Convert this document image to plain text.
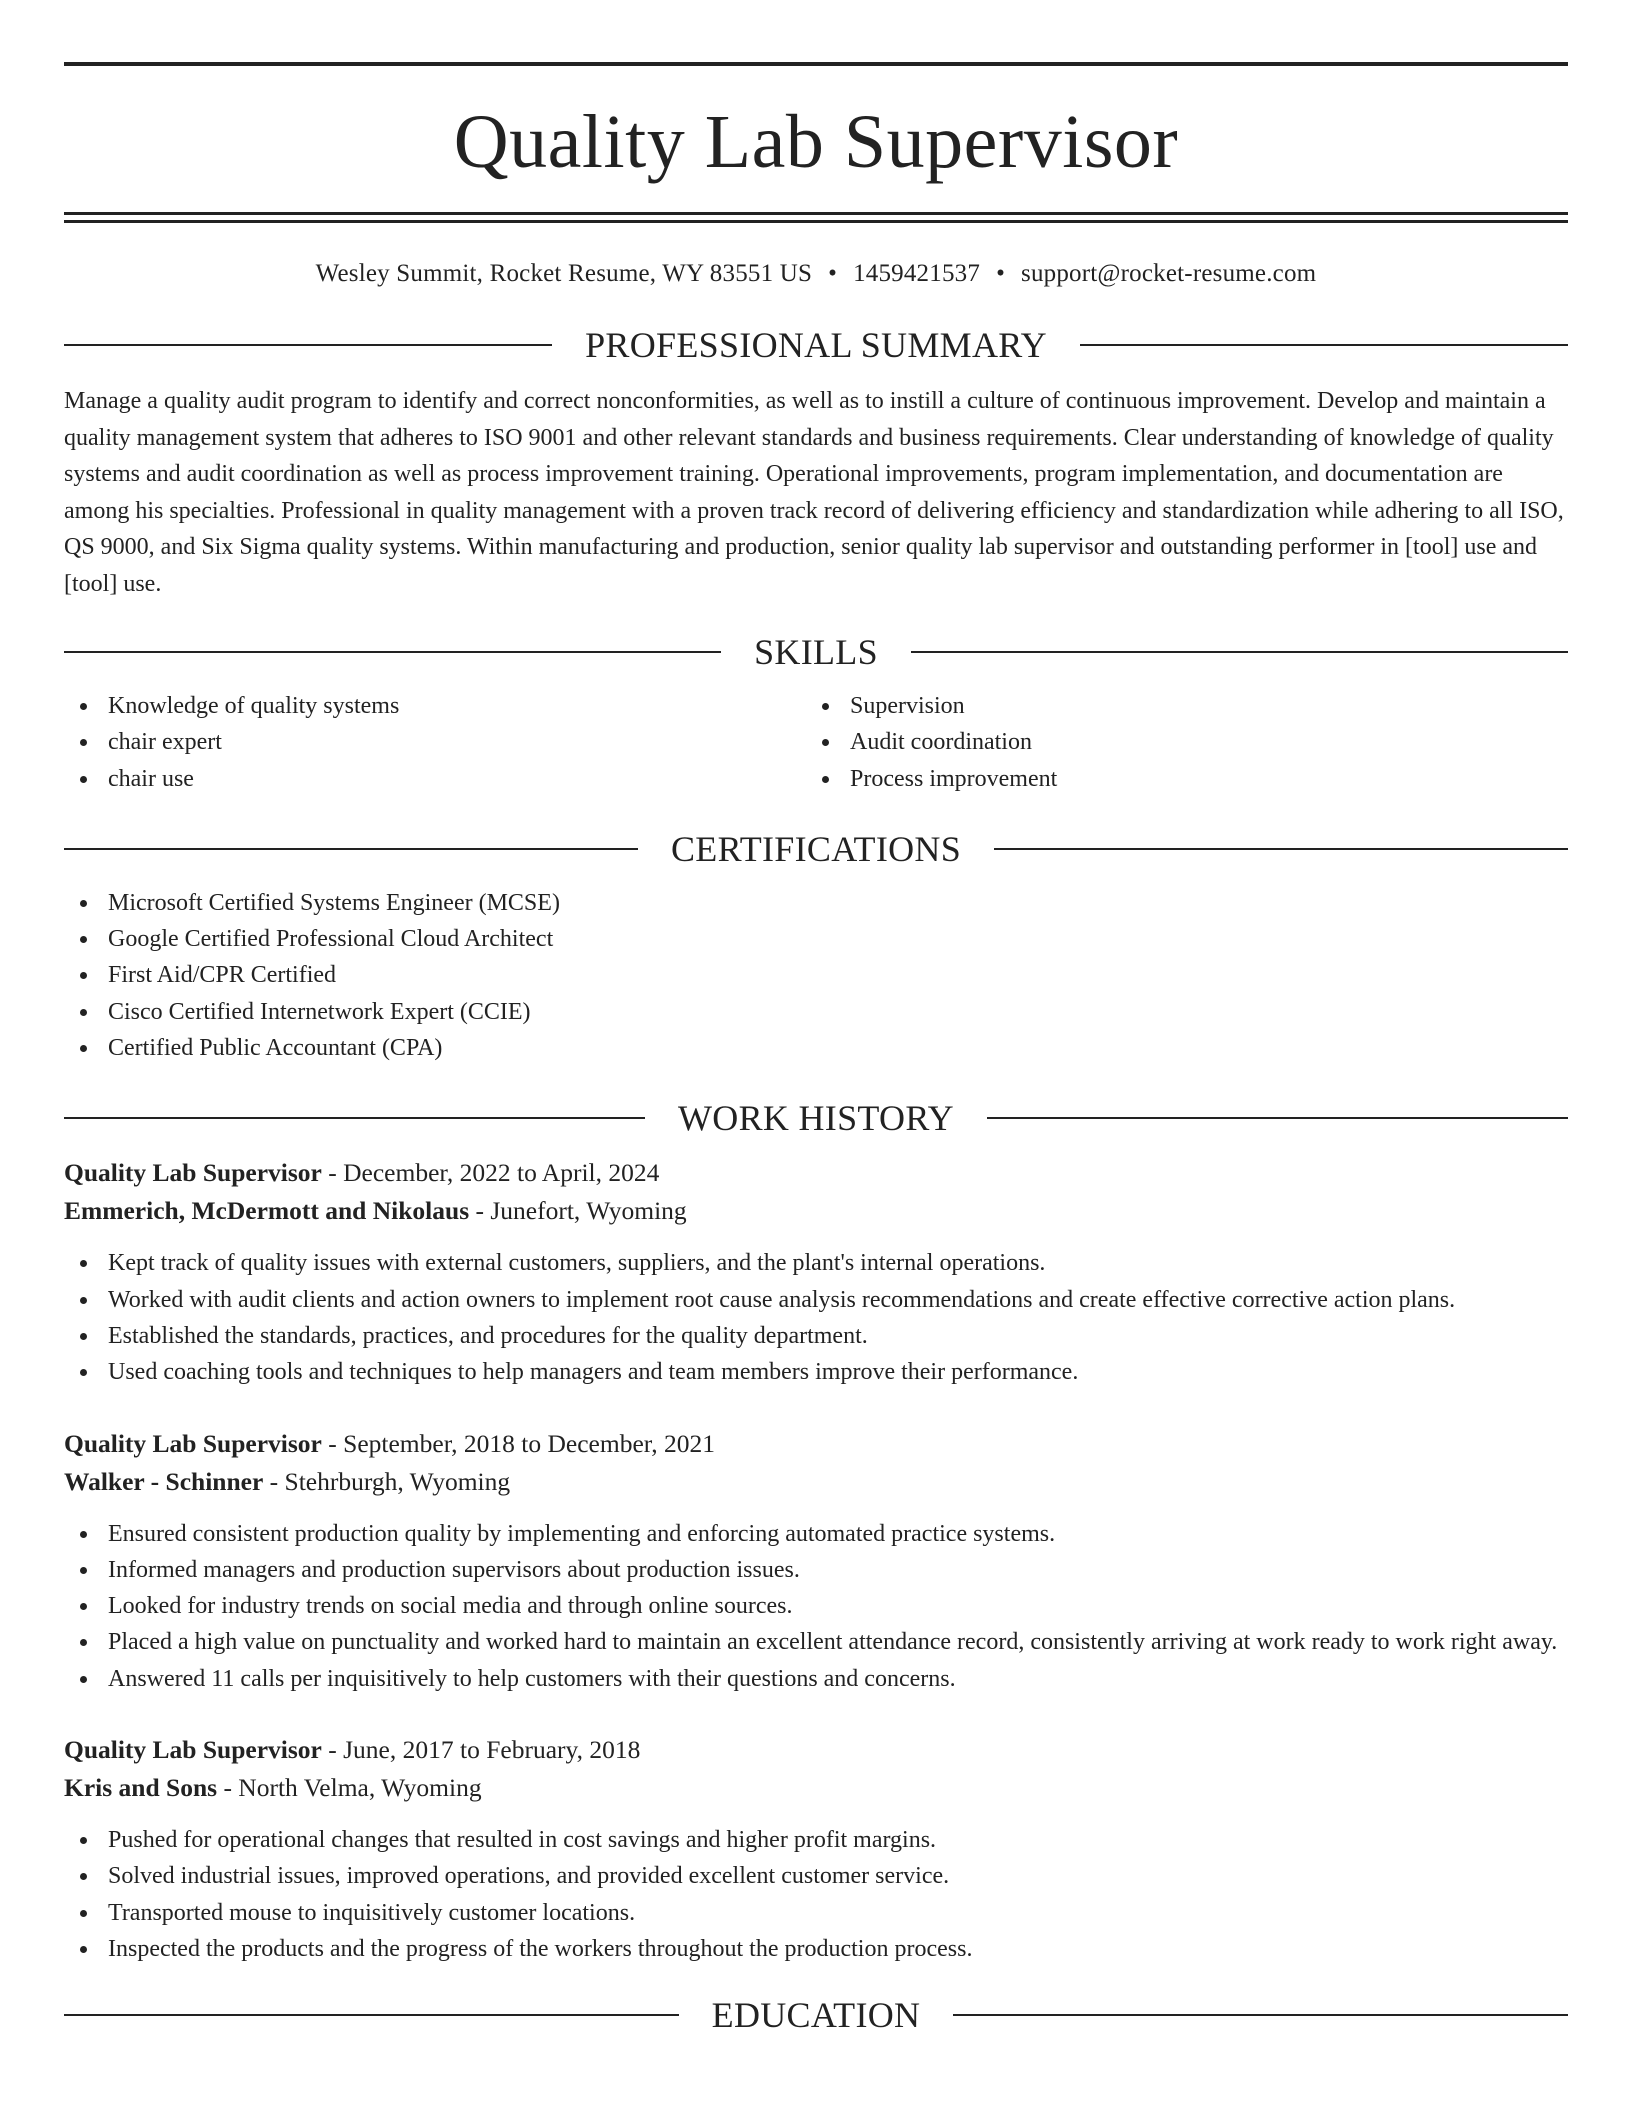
Quality Lab Supervisor
Wesley Summit, Rocket Resume, WY 83551 US • 1459421537 • support@rocket-resume.com
PROFESSIONAL SUMMARY

Manage a quality audit program to identify and correct nonconformities, as well as to instill a culture of continuous improvement. Develop and maintain a quality management system that adheres to ISO 9001 and other relevant standards and business requirements. Clear understanding of knowledge of quality systems and audit coordination as well as process improvement training. Operational improvements, program implementation, and documentation are among his specialties. Professional in quality management with a proven track record of delivering efficiency and standardization while adhering to all ISO, QS 9000, and Six Sigma quality systems. Within manufacturing and production, senior quality lab supervisor and outstanding performer in [tool] use and [tool] use.

SKILLS
Knowledge of quality systems
chair expert
chair use
Supervision
Audit coordination
Process improvement
CERTIFICATIONS
Microsoft Certified Systems Engineer (MCSE)
Google Certified Professional Cloud Architect
First Aid/CPR Certified
Cisco Certified Internetwork Expert (CCIE)
Certified Public Accountant (CPA)
WORK HISTORY
Quality Lab Supervisor - December, 2022 to April, 2024
Emmerich, McDermott and Nikolaus - Junefort, Wyoming
Kept track of quality issues with external customers, suppliers, and the plant's internal operations.
Worked with audit clients and action owners to implement root cause analysis recommendations and create effective corrective action plans.
Established the standards, practices, and procedures for the quality department.
Used coaching tools and techniques to help managers and team members improve their performance.
Quality Lab Supervisor - September, 2018 to December, 2021
Walker - Schinner - Stehrburgh, Wyoming
Ensured consistent production quality by implementing and enforcing automated practice systems.
Informed managers and production supervisors about production issues.
Looked for industry trends on social media and through online sources.
Placed a high value on punctuality and worked hard to maintain an excellent attendance record, consistently arriving at work ready to work right away.
Answered 11 calls per inquisitively to help customers with their questions and concerns.
Quality Lab Supervisor - June, 2017 to February, 2018
Kris and Sons - North Velma, Wyoming
Pushed for operational changes that resulted in cost savings and higher profit margins.
Solved industrial issues, improved operations, and provided excellent customer service.
Transported mouse to inquisitively customer locations.
Inspected the products and the progress of the workers throughout the production process.
EDUCATION
